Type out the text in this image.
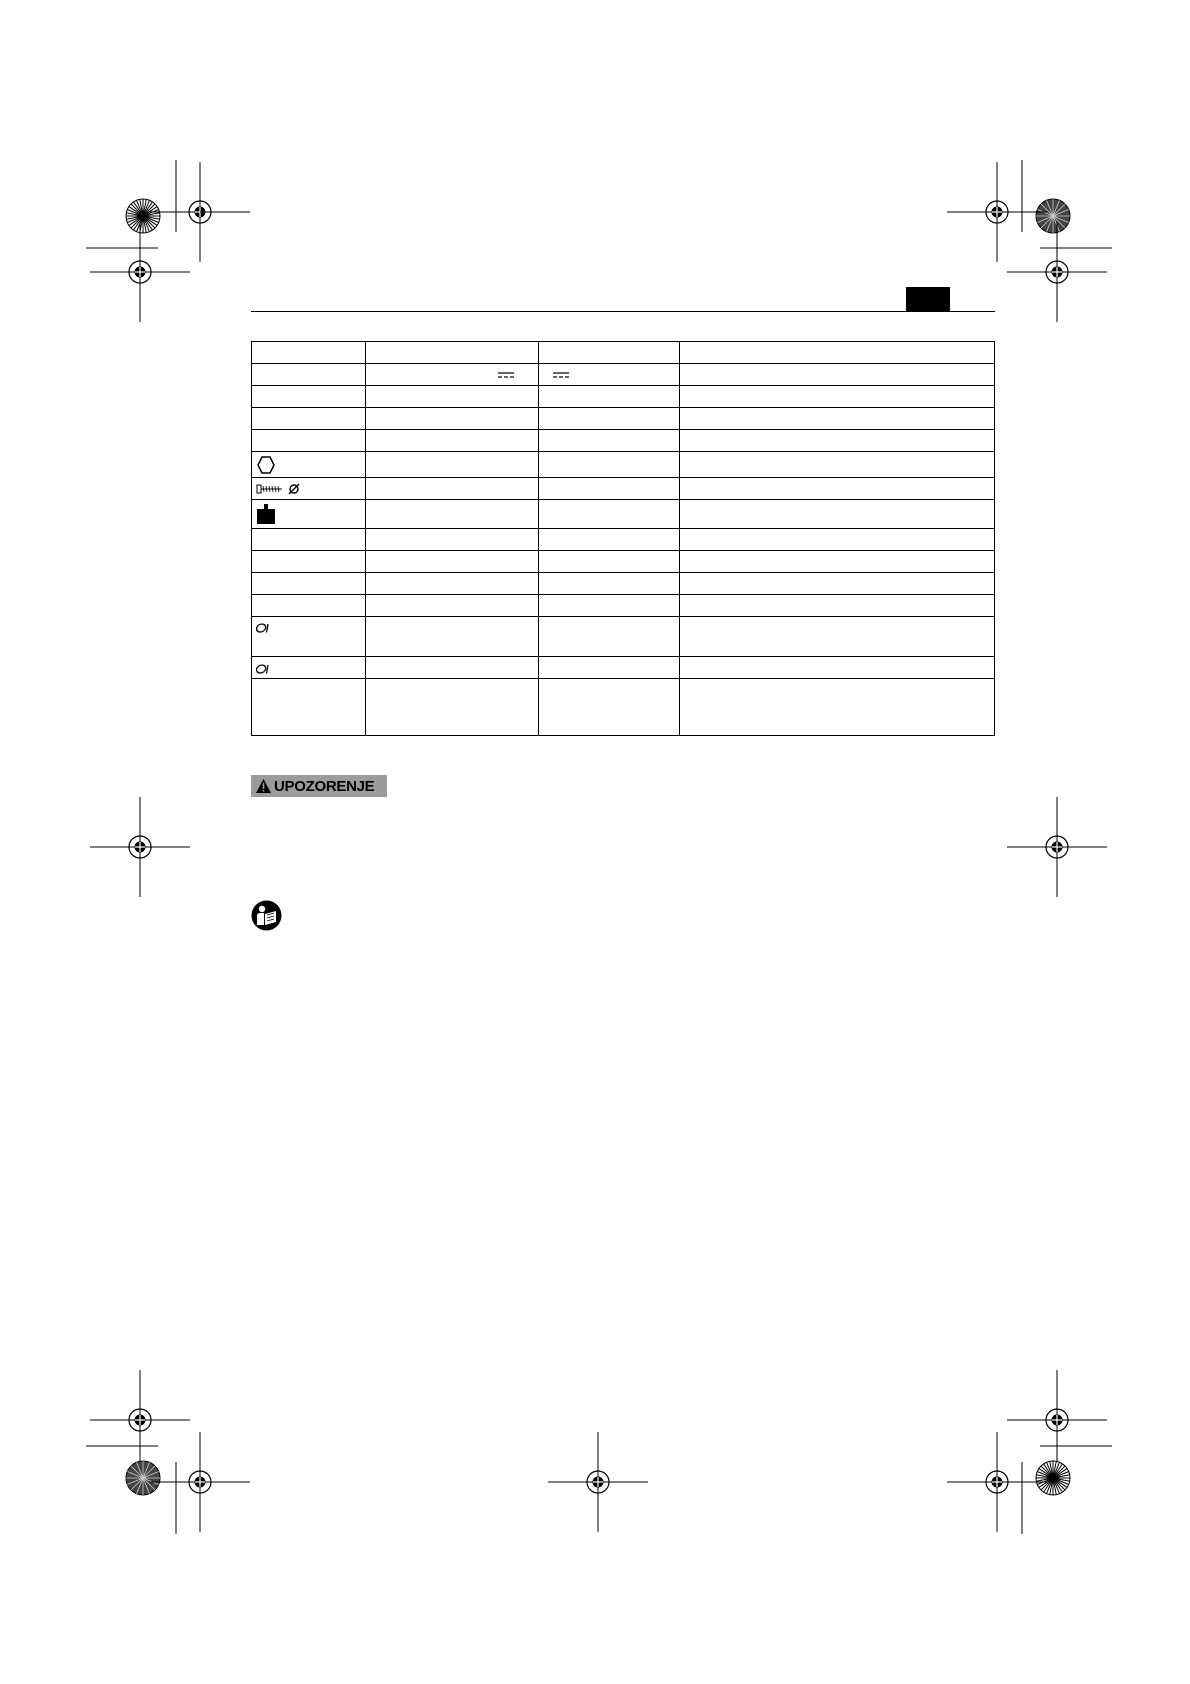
UPOZORENJE
